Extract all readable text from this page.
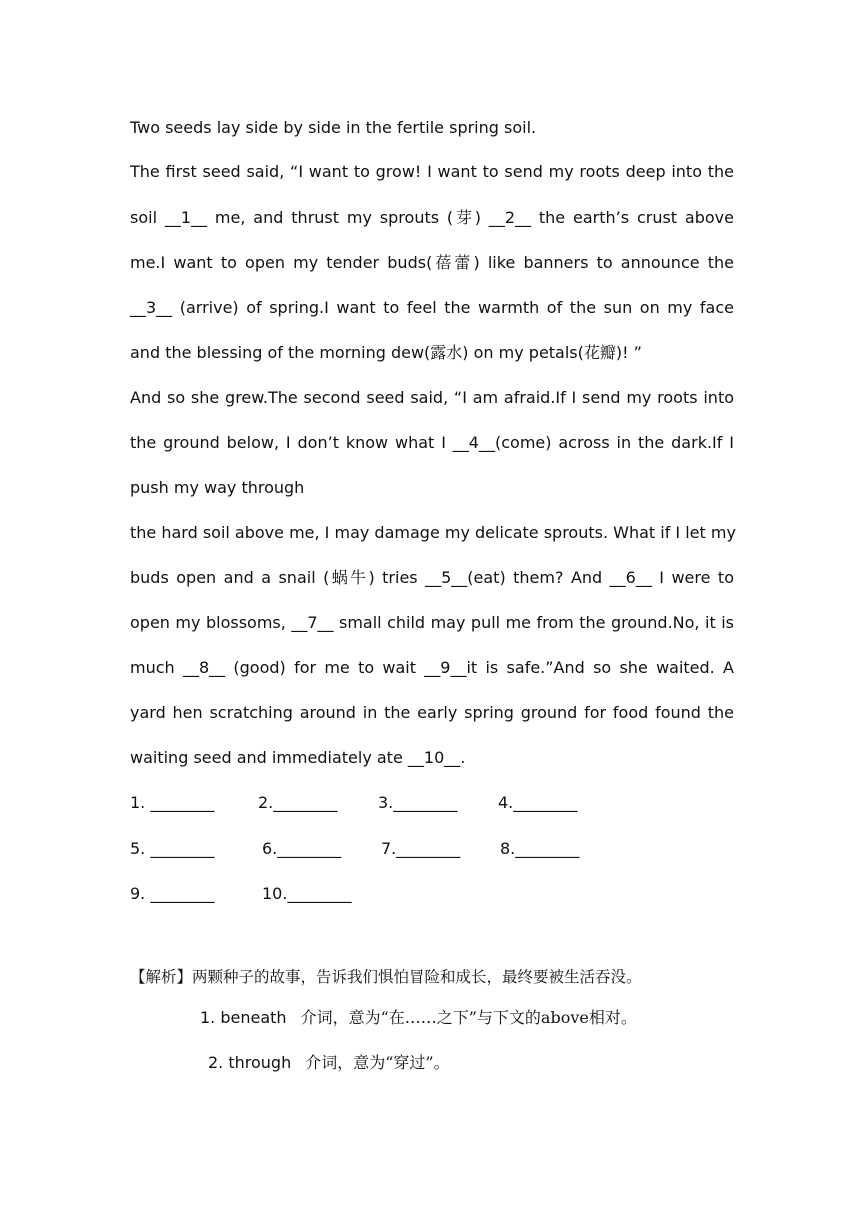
Two seeds lay side by side in the fertile spring soil.
The first seed said, “I want to grow! I want to send my roots deep into the
soil __1__ me, and thrust my sprouts (芽) __2__ the earth’s crust above
me.I want to open my tender buds(蓓蕾) like banners to announce the
__3__ (arrive) of spring.I want to feel the warmth of the sun on my face
and the blessing of the morning dew(露水) on my petals(花瓣)! ”
And so she grew.The second seed said, “I am afraid.If I send my roots into
the ground below, I don’t know what I __4__(come) across in the dark.If I
push my way through
the hard soil above me, I may damage my delicate sprouts. What if I let my
buds open and a snail (蜗牛) tries __5__(eat) them? And __6__ I were to
open my blossoms, __7__ small child may pull me from the ground.No, it is
much __8__ (good) for me to wait __9__it is safe.”And so she waited. A
yard hen scratching around in the early spring ground for food found the
waiting seed and immediately ate __10__.
1. ________	2.________	3.________	4.________
5. ________	6.________ 7.________ 8.________
9. ________	10.________
【解析】两颗种子的故事，告诉我们惧怕冒险和成长，最终要被生活吞没。
1. beneath 介词，意为“在……之下”与下文的above相对。
2. through 介词，意为“穿过”。
